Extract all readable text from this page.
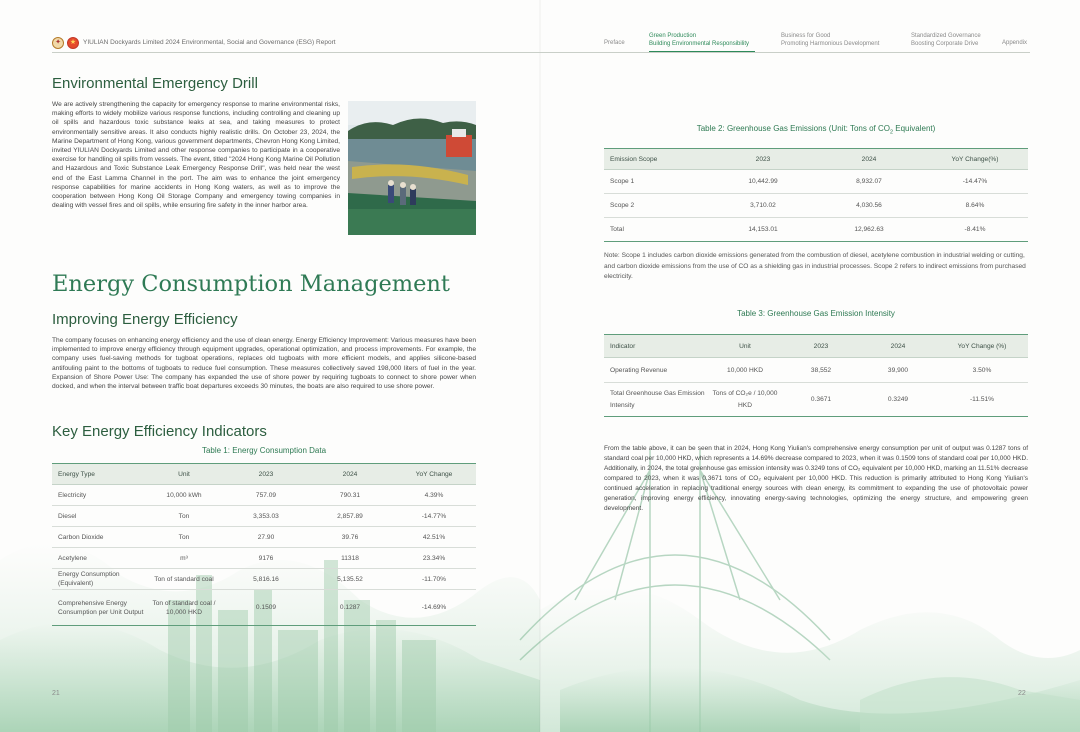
✦	★	YIULIAN Dockyards Limited 2024 Environmental, Social and Governance (ESG) Report	Preface
Green Production
Building Environmental Responsibility
Business for Good
Promoting Harmonious Development
Standardized Governance
Boosting Corporate Drive	Appendix
Environmental Emergency Drill
We are actively strengthening the capacity for emergency response to marine environmental risks, making efforts to widely mobilize various response functions, including controlling and cleaning up oil spills and hazardous toxic substance leaks at sea, and taking measures to protect environmentally sensitive areas. It also conducts highly realistic drills. On October 23, 2024, the Marine Department of Hong Kong, various government departments, Chevron Hong Kong Limited, invited YIULIAN Dockyards Limited and other response companies to participate in a cooperative exercise for handling oil spills from vessels. The event, titled "2024 Hong Kong Marine Oil Pollution and Hazardous and Toxic Substance Leak Emergency Response Drill", was held near the west end of the East Lamma Channel in the port. The aim was to enhance the joint emergency response capabilities for marine accidents in Hong Kong waters, as well as to improve the cooperation between Hong Kong Oil Storage Company and emergency towing companies in dealing with vessel fires and oil spills, while ensuring fire safety in the inner harbor area.
Energy Consumption Management
Improving Energy Efficiency
The company focuses on enhancing energy efficiency and the use of clean energy. Energy Efficiency Improvement: Various measures have been implemented to improve energy efficiency through equipment upgrades, operational optimization, and process improvements. For example, the company uses fuel-saving methods for tugboat operations, replaces old tugboats with more efficient models, and applies silicone-based antifouling paint to the bottoms of tugboats to reduce fuel consumption. These measures collectively saved 198,000 liters of fuel in the year. Expansion of Shore Power Use: The company has expanded the use of shore power by requiring tugboats to connect to shore power when docked, and when the interval between traffic boat departures exceeds 30 minutes, the boats are also required to use shore power.
Key Energy Efficiency Indicators
Table 1: Energy Consumption Data
Energy Type	Unit	2023	2024	YoY Change
Electricity	10,000 kWh	757.09	790.31	4.39%
Diesel	Ton	3,353.03	2,857.89	-14.77%
Carbon Dioxide	Ton	27.90	39.76	42.51%
Acetylene	m³	9176	11318	23.34%
Energy Consumption (Equivalent)	Ton of standard coal	5,816.16	5,135.52	-11.70%
Comprehensive Energy Consumption per Unit Output	Ton of standard coal / 10,000 HKD	0.1509	0.1287	-14.69%
21
Table 2: Greenhouse Gas Emissions (Unit: Tons of $CO_2$ Equivalent)
Emission Scope	2023	2024	YoY Change(%)
Scope 1	10,442.99	8,932.07	-14.47%
Scope 2	3,710.02	4,030.56	8.64%
Total	14,153.01	12,962.63	-8.41%
Note: Scope 1 includes carbon dioxide emissions generated from the combustion of diesel, acetylene combustion in industrial welding or cutting, and carbon dioxide emissions from the use of CO as a shielding gas in industrial processes. Scope 2 refers to indirect emissions from purchased electricity.
Table 3: Greenhouse Gas Emission Intensity
Indicator	Unit	2023	2024	YoY Change (%)
Operating Revenue	10,000 HKD	38,552	39,900	3.50%
Total Greenhouse Gas Emission Intensity	Tons of CO₂e / 10,000 HKD	0.3671	0.3249	-11.51%
From the table above, it can be seen that in 2024, Hong Kong Yiulian's comprehensive energy consumption per unit of output was 0.1287 tons of standard coal per 10,000 HKD, which represents a 14.69% decrease compared to 2023, when it was 0.1509 tons of standard coal per 10,000 HKD. Additionally, in 2024, the total greenhouse gas emission intensity was 0.3249 tons of CO₂ equivalent per 10,000 HKD, marking an 11.51% decrease compared to 2023, when it was 0.3671 tons of CO₂ equivalent per 10,000 HKD. This reduction is primarily attributed to Hong Kong Yiulian's continued acceleration in replacing traditional energy sources with clean energy, its commitment to expanding the use of photovoltaic power generation, improving energy efficiency, innovating energy-saving technologies, optimizing the energy structure, and empowering green development.
22
